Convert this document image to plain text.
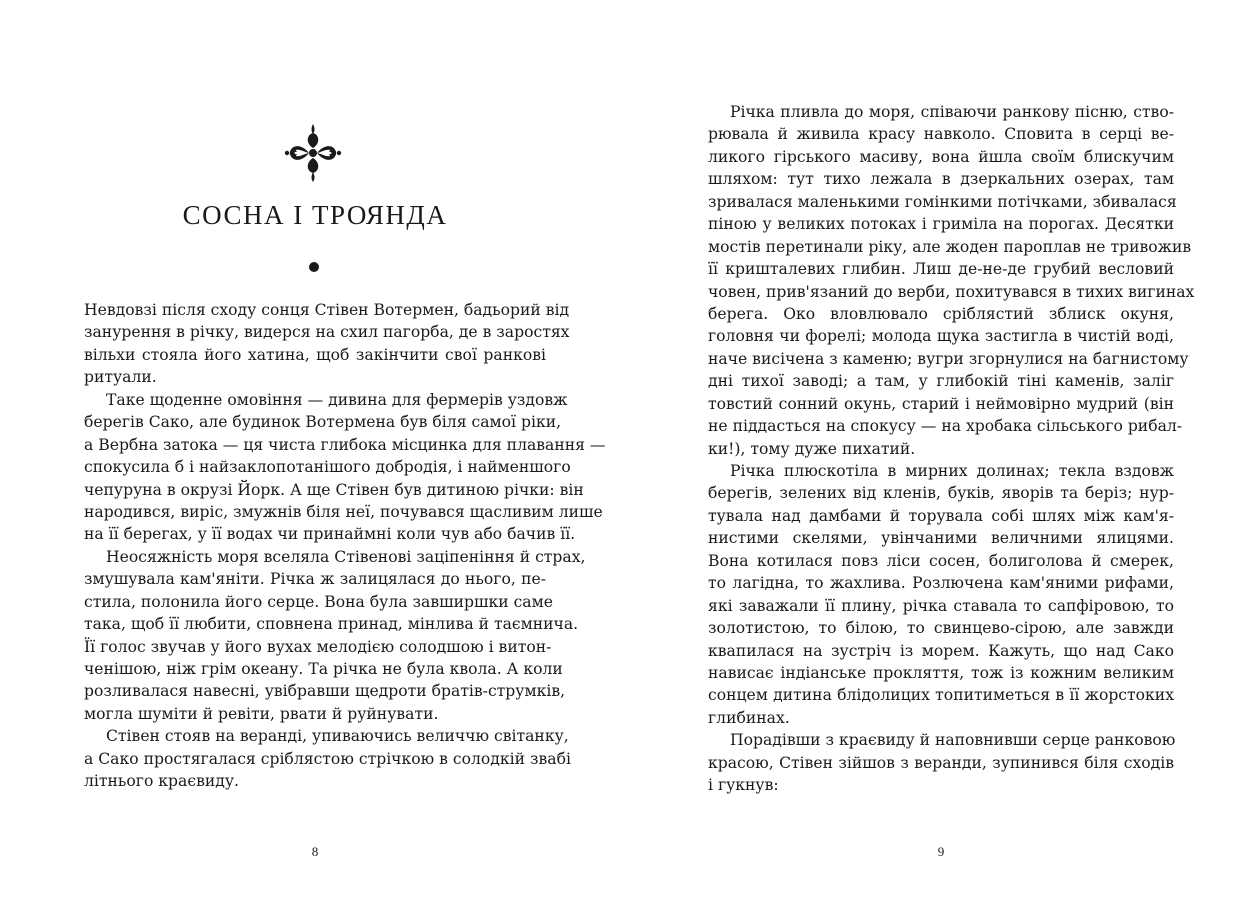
СОСНА І ТРОЯНДА
Невдовзі після сходу сонця Стівен Вотермен, бадьорий від
занурення в річку, видерся на схил пагорба, де в заростях
вільхи стояла його хатина, щоб закінчити свої ранкові
ритуали.
Таке щоденне омовіння — дивина для фермерів уздовж
берегів Сако, але будинок Вотермена був біля самої ріки,
а Вербна затока — ця чиста глибока місцинка для плавання —
спокусила б і найзаклопотанішого добродія, і найменшого
чепуруна в окрузі Йорк. А ще Стівен був дитиною річки: він
народився, виріс, змужнів біля неї, почувався щасливим лише
на її берегах, у її водах чи принаймні коли чув або бачив її.
Неосяжність моря вселяла Стівенові заціпеніння й страх,
змушувала кам'яніти. Річка ж залицялася до нього, пе-
стила, полонила його серце. Вона була завширшки саме
така, щоб її любити, сповнена принад, мінлива й таємнича.
Її голос звучав у його вухах мелодією солодшою і витон-
ченішою, ніж грім океану. Та річка не була квола. А коли
розливалася навесні, увібравши щедроти братів-струмків,
могла шуміти й ревіти, рвати й руйнувати.
Стівен стояв на веранді, упиваючись величчю світанку,
а Сако простягалася сріблястою стрічкою в солодкій звабі
літнього краєвиду.
8
Річка пливла до моря, співаючи ранкову пісню, ство-
рювала й живила красу навколо. Сповита в серці ве-
ликого гірського масиву, вона йшла своїм блискучим
шляхом: тут тихо лежала в дзеркальних озерах, там
зривалася маленькими гомінкими потічками, збивалася
піною у великих потоках і гриміла на порогах. Десятки
мостів перетинали ріку, але жоден пароплав не тривожив
її кришталевих глибин. Лиш де-не-де грубий весловий
човен, прив'язаний до верби, похитувався в тихих вигинах
берега. Око вловлювало сріблястий зблиск окуня,
головня чи форелі; молода щука застигла в чистій воді,
наче висічена з каменю; вугри згорнулися на багнистому
дні тихої заводі; а там, у глибокій тіні каменів, заліг
товстий сонний окунь, старий і неймовірно мудрий (він
не піддасться на спокусу — на хробака сільського рибал-
ки!), тому дуже пихатий.
Річка плюскотіла в мирних долинах; текла вздовж
берегів, зелених від кленів, буків, яворів та беріз; нур-
тувала над дамбами й торувала собі шлях між кам'я-
нистими скелями, увінчаними величними ялицями.
Вона котилася повз ліси сосен, болиголова й смерек,
то лагідна, то жахлива. Розлючена кам'яними рифами,
які заважали її плину, річка ставала то сапфіровою, то
золотистою, то білою, то свинцево-сірою, але завжди
квапилася на зустріч із морем. Кажуть, що над Сако
нависає індіанське прокляття, тож із кожним великим
сонцем дитина блідолицих топитиметься в її жорстоких
глибинах.
Порадівши з краєвиду й наповнивши серце ранковою
красою, Стівен зійшов з веранди, зупинився біля сходів
і гукнув:
9
